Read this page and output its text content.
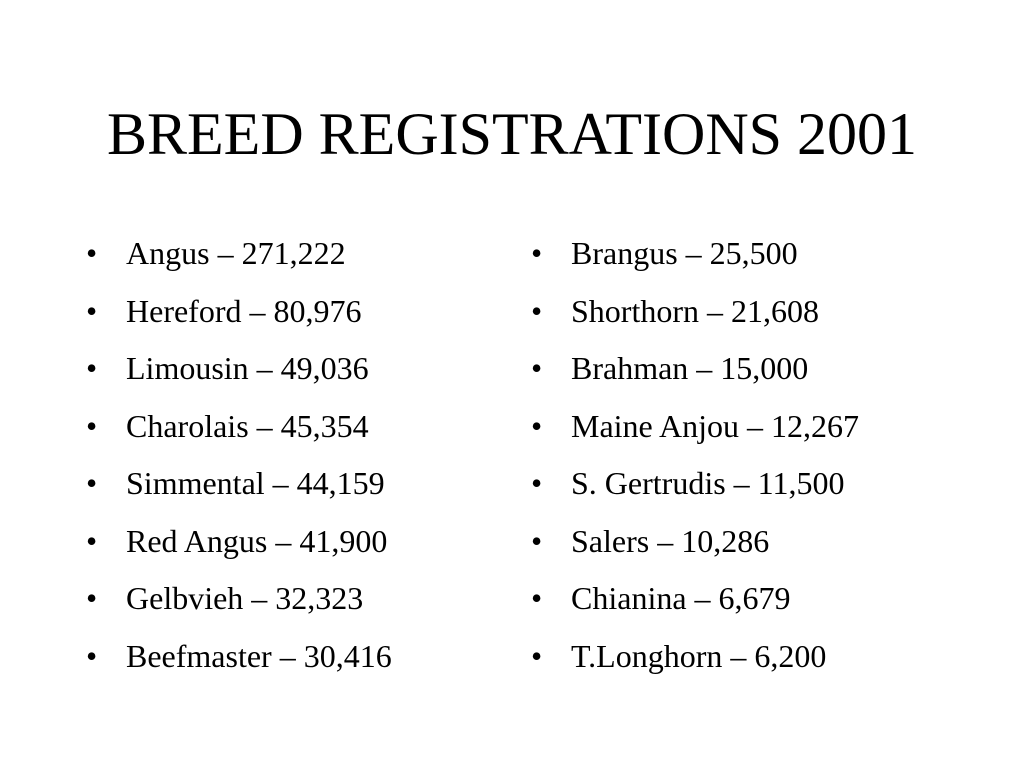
BREED REGISTRATIONS 2001
• Angus – 271,222
• Hereford – 80,976
• Limousin – 49,036
• Charolais – 45,354
• Simmental – 44,159
• Red Angus – 41,900
• Gelbvieh – 32,323
• Beefmaster – 30,416
• Brangus – 25,500
• Shorthorn – 21,608
• Brahman – 15,000
• Maine Anjou – 12,267
• S. Gertrudis – 11,500
• Salers – 10,286
• Chianina – 6,679
• T.Longhorn – 6,200
